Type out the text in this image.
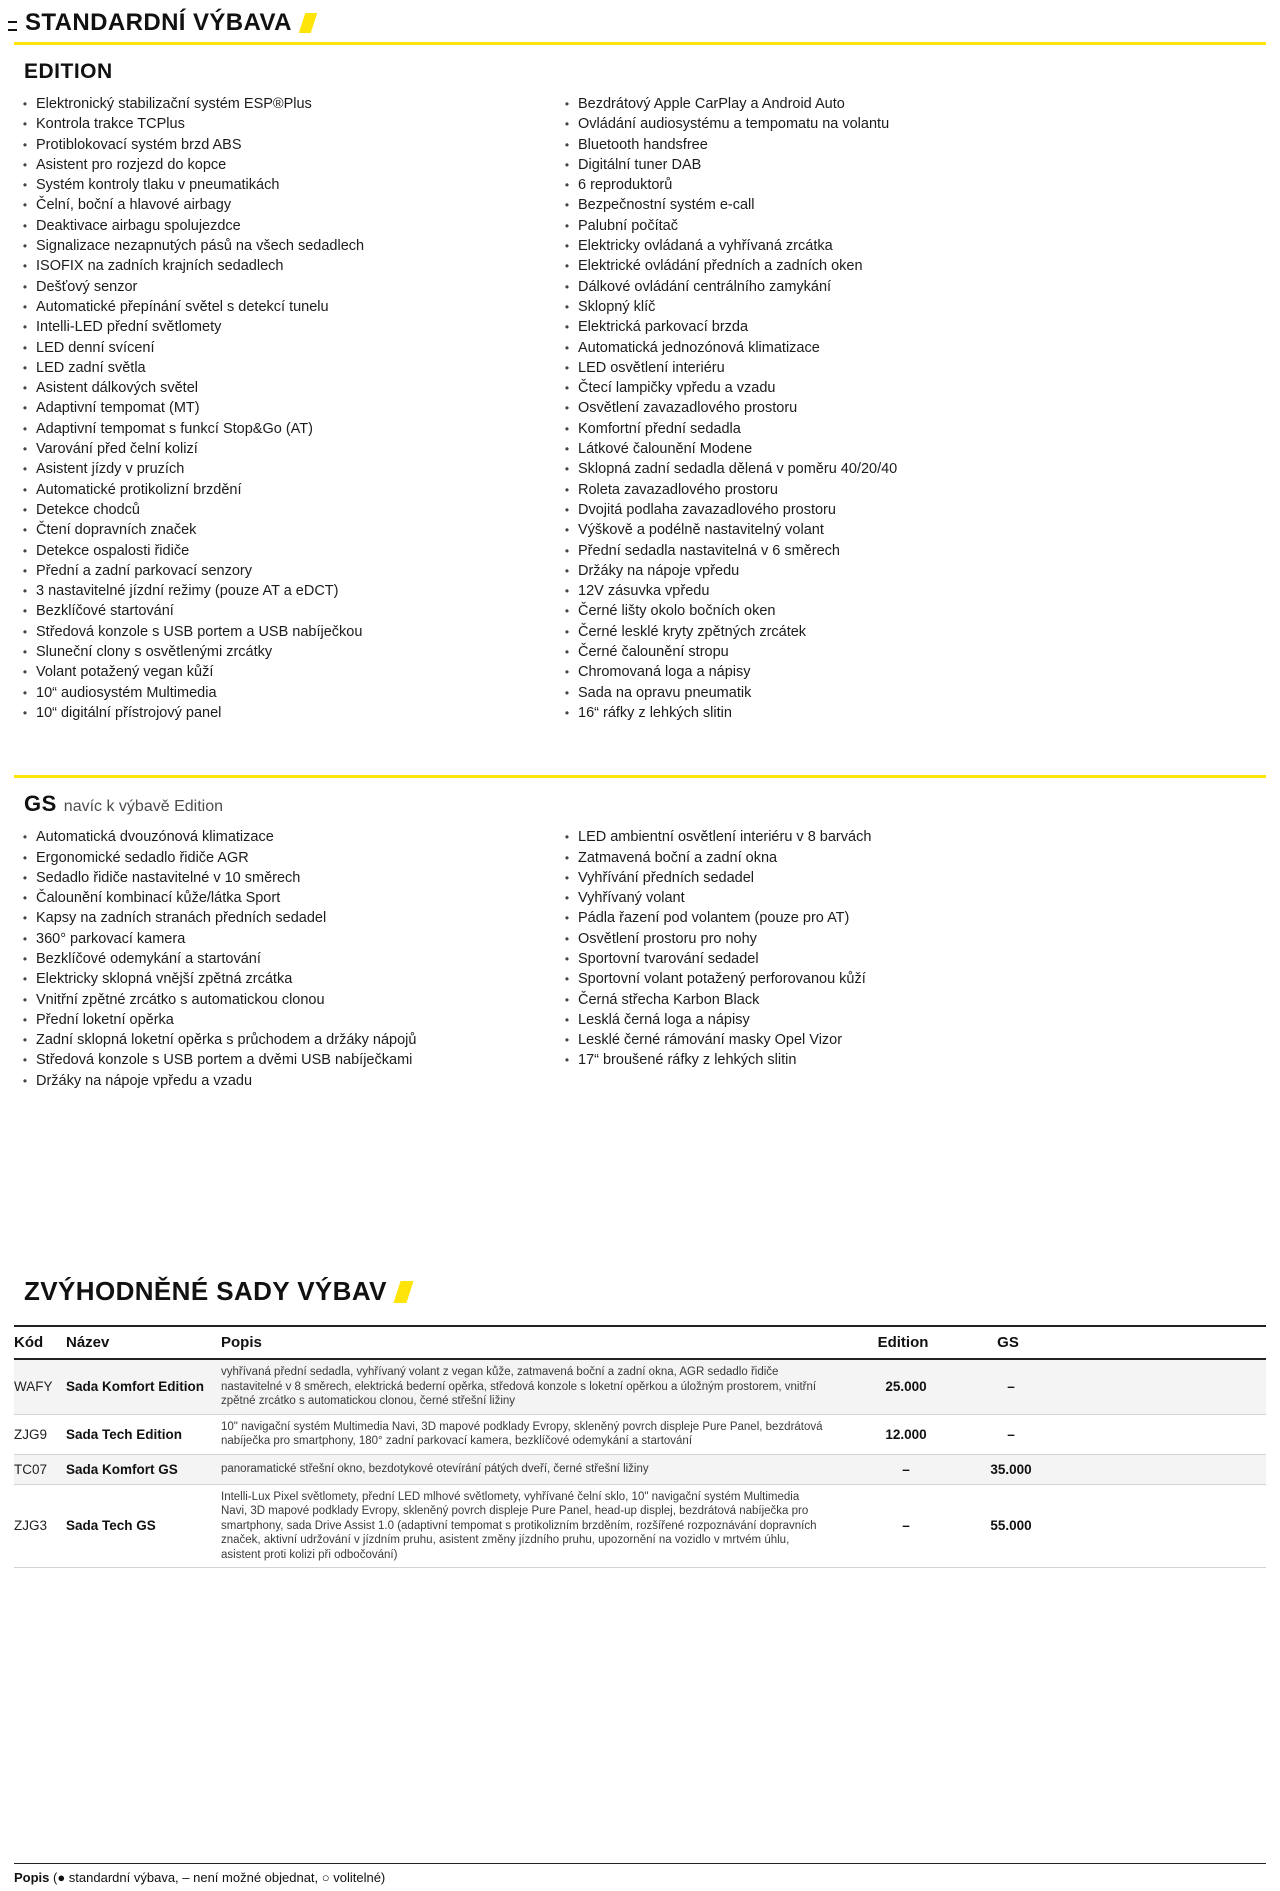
STANDARDNÍ VÝBAVA
EDITION
• Elektronický stabilizační systém ESP®Plus
• Kontrola trakce TCPlus
• Protiblokovací systém brzd ABS
• Asistent pro rozjezd do kopce
• Systém kontroly tlaku v pneumatikách
• Čelní, boční a hlavové airbagy
• Deaktivace airbagu spolujezdce
• Signalizace nezapnutých pásů na všech sedadlech
• ISOFIX na zadních krajních sedadlech
• Dešťový senzor
• Automatické přepínání světel s detekcí tunelu
• Intelli-LED přední světlomety
• LED denní svícení
• LED zadní světla
• Asistent dálkových světel
• Adaptivní tempomat (MT)
• Adaptivní tempomat s funkcí Stop&Go (AT)
• Varování před čelní kolizí
• Asistent jízdy v pruzích
• Automatické protikolizní brzdění
• Detekce chodců
• Čtení dopravních značek
• Detekce ospalosti řidiče
• Přední a zadní parkovací senzory
• 3 nastavitelné jízdní režimy (pouze AT a eDCT)
• Bezklíčové startování
• Středová konzole s USB portem a USB nabíječkou
• Sluneční clony s osvětlenými zrcátky
• Volant potažený vegan kůží
• 10“ audiosystém Multimedia
• 10“ digitální přístrojový panel
• Bezdrátový Apple CarPlay a Android Auto
• Ovládání audiosystému a tempomatu na volantu
• Bluetooth handsfree
• Digitální tuner DAB
• 6 reproduktorů
• Bezpečnostní systém e-call
• Palubní počítač
• Elektricky ovládaná a vyhřívaná zrcátka
• Elektrické ovládání předních a zadních oken
• Dálkové ovládání centrálního zamykání
• Sklopný klíč
• Elektrická parkovací brzda
• Automatická jednozónová klimatizace
• LED osvětlení interiéru
• Čtecí lampičky vpředu a vzadu
• Osvětlení zavazadlového prostoru
• Komfortní přední sedadla
• Látkové čalounění Modene
• Sklopná zadní sedadla dělená v poměru 40/20/40
• Roleta zavazadlového prostoru
• Dvojitá podlaha zavazadlového prostoru
• Výškově a podélně nastavitelný volant
• Přední sedadla nastavitelná v 6 směrech
• Držáky na nápoje vpředu
• 12V zásuvka vpředu
• Černé lišty okolo bočních oken
• Černé lesklé kryty zpětných zrcátek
• Černé čalounění stropu
• Chromovaná loga a nápisy
• Sada na opravu pneumatik
• 16“ ráfky z lehkých slitin
GS navíc k výbavě Edition
• Automatická dvouzónová klimatizace
• Ergonomické sedadlo řidiče AGR
• Sedadlo řidiče nastavitelné v 10 směrech
• Čalounění kombinací kůže/látka Sport
• Kapsy na zadních stranách předních sedadel
• 360° parkovací kamera
• Bezklíčové odemykání a startování
• Elektricky sklopná vnější zpětná zrcátka
• Vnitřní zpětné zrcátko s automatickou clonou
• Přední loketní opěrka
• Zadní sklopná loketní opěrka s průchodem a držáky nápojů
• Středová konzole s USB portem a dvěmi USB nabíječkami
• Držáky na nápoje vpředu a vzadu
• LED ambientní osvětlení interiéru v 8 barvách
• Zatmavená boční a zadní okna
• Vyhřívání předních sedadel
• Vyhřívaný volant
• Pádla řazení pod volantem (pouze pro AT)
• Osvětlení prostoru pro nohy
• Sportovní tvarování sedadel
• Sportovní volant potažený perforovanou kůží
• Černá střecha Karbon Black
• Lesklá černá loga a nápisy
• Lesklé černé rámování masky Opel Vizor
• 17“ broušené ráfky z lehkých slitin
ZVÝHODNĚNÉ SADY VÝBAV
Kód	Název	Popis	Edition	GS	
WAFY	Sada Komfort Edition	vyhřívaná přední sedadla, vyhřívaný volant z vegan kůže, zatmavená boční a zadní okna, AGR sedadlo řidiče nastavitelné v 8 směrech, elektrická bederní opěrka, středová konzole s loketní opěrkou a úložným prostorem, vnitřní zpětné zrcátko s automatickou clonou, černé střešní ližiny	25.000	–	
ZJG9	Sada Tech Edition	10" navigační systém Multimedia Navi, 3D mapové podklady Evropy, skleněný povrch displeje Pure Panel, bezdrátová nabíječka pro smartphony, 180° zadní parkovací kamera, bezklíčové odemykání a startování	12.000	–	
TC07	Sada Komfort GS	panoramatické střešní okno, bezdotykové otevírání pátých dveří, černé střešní ližiny	–	35.000	
ZJG3	Sada Tech GS	Intelli-Lux Pixel světlomety, přední LED mlhové světlomety, vyhřívané čelní sklo, 10" navigační systém Multimedia Navi, 3D mapové podklady Evropy, skleněný povrch displeje Pure Panel, head-up displej, bezdrátová nabíječka pro smartphony, sada Drive Assist 1.0 (adaptivní tempomat s protikolizním brzděním, rozšířené rozpoznávání dopravních značek, aktivní udržování v jízdním pruhu, asistent změny jízdního pruhu, upozornění na vozidlo v mrtvém úhlu, asistent proti kolizi při odbočování)	–	55.000	
Popis (● standardní výbava, – není možné objednat, ○ volitelné)
